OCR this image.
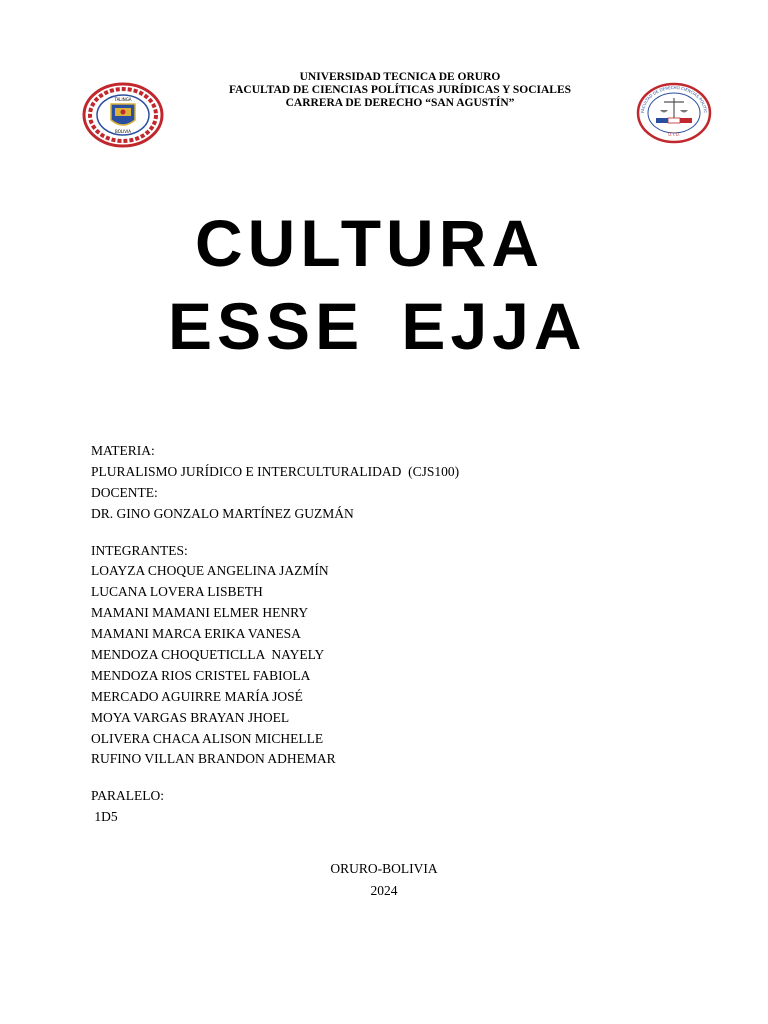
UNIVERSIDAD TECNICA DE ORURO
FACULTAD DE CIENCIAS POLÍTICAS JURÍDICAS Y SOCIALES
CARRERA DE DERECHO “SAN AGUSTÍN”
TALINGA
BOLIVIA
FACULTAD DE DERECHO CIENCIAS POLITIC
U.T.O.
CULTURA
ESSE EJJA
MATERIA:
PLURALISMO JURÍDICO E INTERCULTURALIDAD  (CJS100)
DOCENTE:
DR. GINO GONZALO MARTÍNEZ GUZMÁN
INTEGRANTES:
LOAYZA CHOQUE ANGELINA JAZMÍN
LUCANA LOVERA LISBETH
MAMANI MAMANI ELMER HENRY
MAMANI MARCA ERIKA VANESA
MENDOZA CHOQUETICLLA  NAYELY
MENDOZA RIOS CRISTEL FABIOLA
MERCADO AGUIRRE MARÍA JOSÉ
MOYA VARGAS BRAYAN JHOEL
OLIVERA CHACA ALISON MICHELLE
RUFINO VILLAN BRANDON ADHEMAR
PARALELO:
1D5
ORURO-BOLIVIA
2024
